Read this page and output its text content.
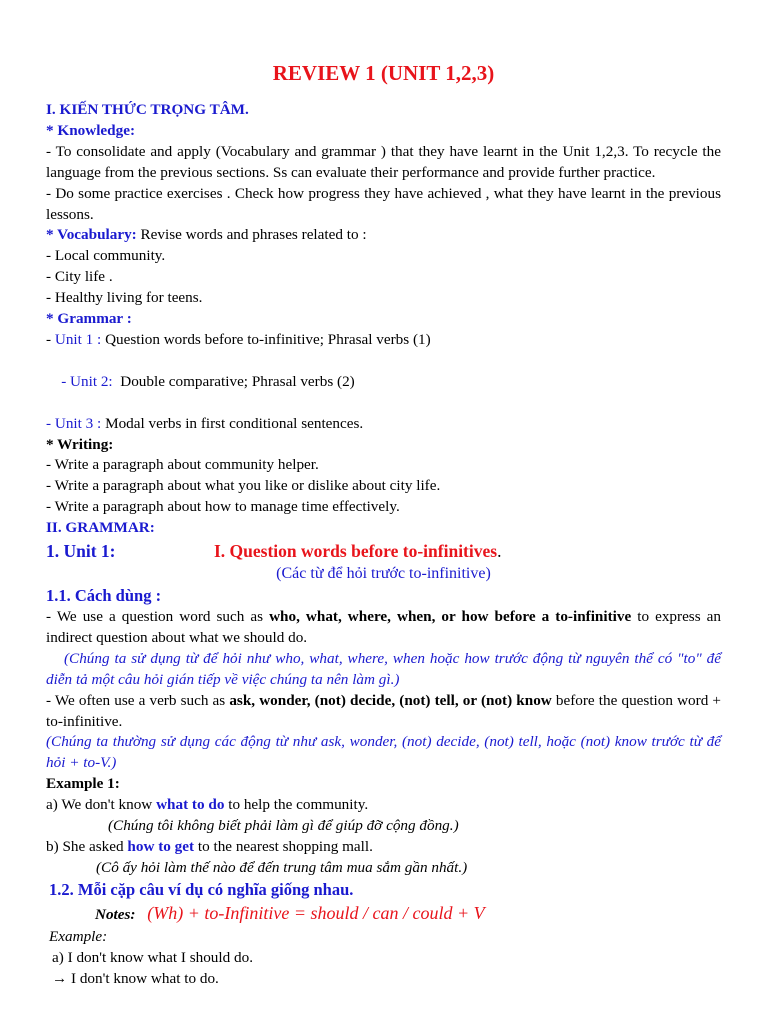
REVIEW 1 (UNIT 1,2,3)
I. KIẾN THỨC TRỌNG TÂM.
* Knowledge:
- To consolidate and apply (Vocabulary and grammar ) that they have learnt in the Unit 1,2,3. To recycle the language from the previous sections. Ss can evaluate their performance and provide further practice.
- Do some practice exercises . Check how progress they have achieved , what they have learnt in the previous lessons.
* Vocabulary: Revise words and phrases related to :
- Local community.
- City life .
- Healthy living for teens.
* Grammar :
- Unit 1 : Question words before to-infinitive; Phrasal verbs (1)

- Unit 2:  Double comparative; Phrasal verbs (2)

- Unit 3 : Modal verbs in first conditional sentences.
* Writing:
- Write a paragraph about community helper.
- Write a paragraph about what you like or dislike about city life.
- Write a paragraph about how to manage time effectively.
II. GRAMMAR:
1. Unit 1:	I. Question words before to-infinitives.
(Các từ để hỏi trước to-infinitive)
1.1. Cách dùng :
- We use a question word such as who, what, where, when, or how before a to-infinitive to express an indirect question about what we should do.
(Chúng ta sử dụng từ để hỏi như who, what, where, when hoặc how trước động từ nguyên thể có "to" để diễn tả một câu hỏi gián tiếp về việc chúng ta nên làm gì.)
- We often use a verb such as ask, wonder, (not) decide, (not) tell, or (not) know before the question word + to-infinitive.
(Chúng ta thường sử dụng các động từ như ask, wonder, (not) decide, (not) tell, hoặc (not) know trước từ để hỏi + to-V.)
Example 1:
a) We don't know what to do to help the community.
(Chúng tôi không biết phải làm gì để giúp đỡ cộng đồng.)
b) She asked how to get to the nearest shopping mall.
(Cô ấy hỏi làm thế nào để đến trung tâm mua sắm gần nhất.)
1.2. Mỗi cặp câu ví dụ có nghĩa giống nhau.
Notes: (Wh) + to-Infinitive = should / can / could + V
Example:
a) I don't know what I should do.
→ I don't know what to do.
